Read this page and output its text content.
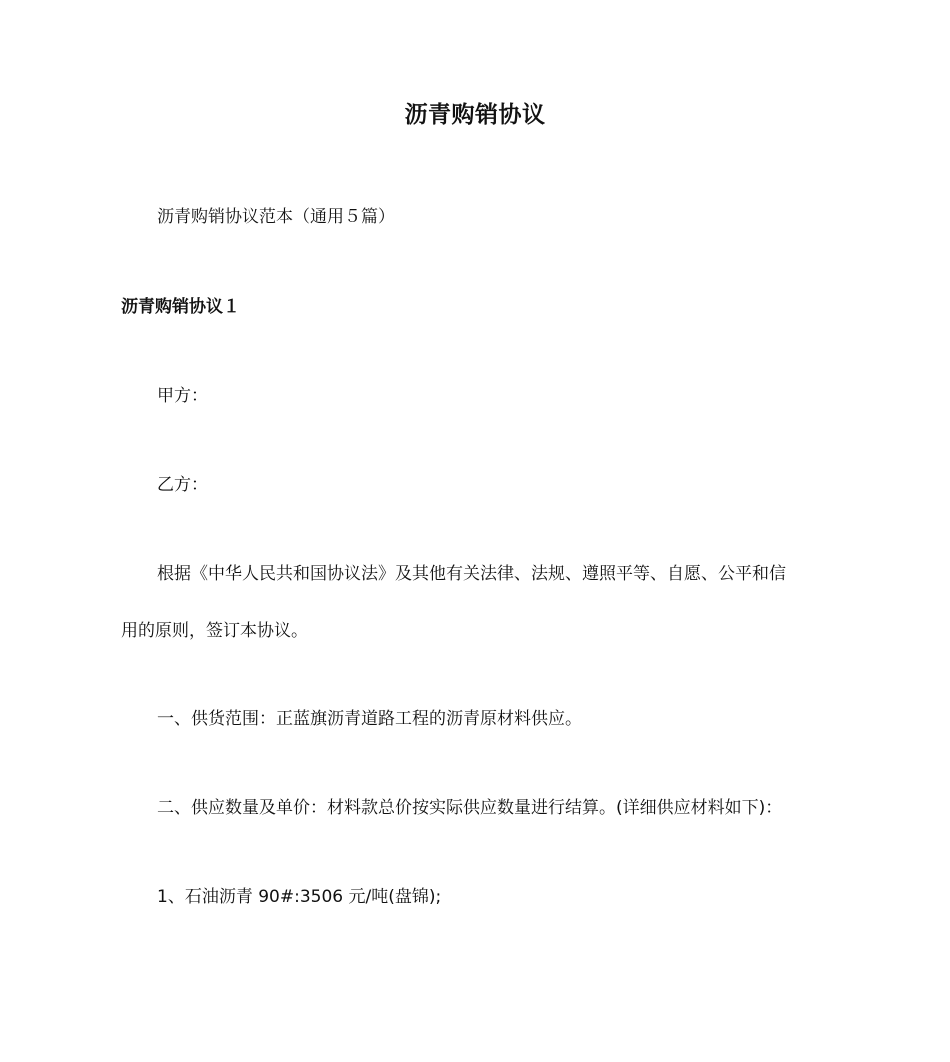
沥青购销协议
沥青购销协议范本（通用５篇）
沥青购销协议１
甲方：
乙方：
根据《中华人民共和国协议法》及其他有关法律、法规、遵照平等、自愿、公平和信
用的原则，签订本协议。
一、供货范围：正蓝旗沥青道路工程的沥青原材料供应。
二、供应数量及单价：材料款总价按实际供应数量进行结算。(详细供应材料如下)：
1、石油沥青 90#:3506 元/吨(盘锦);
